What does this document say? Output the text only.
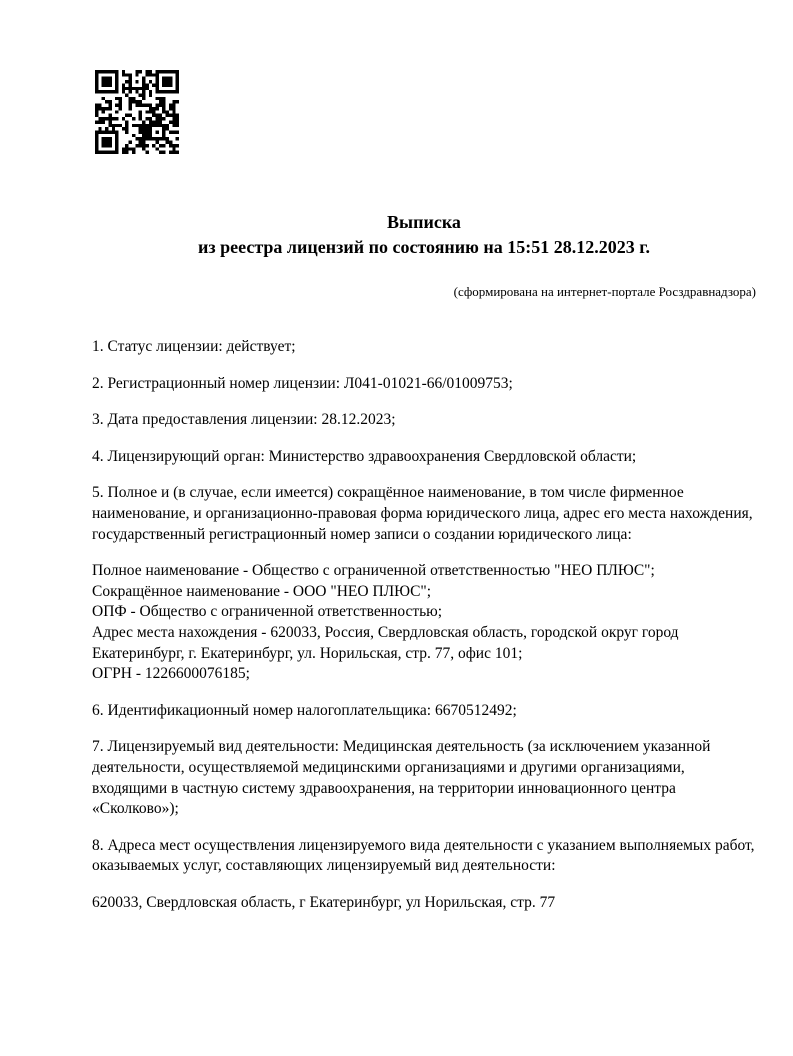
Выписка
из реестра лицензий по состоянию на 15:51 28.12.2023 г.
(сформирована на интернет-портале Росздравнадзора)
1. Статус лицензии: действует;
2. Регистрационный номер лицензии: Л041-01021-66/01009753;
3. Дата предоставления лицензии: 28.12.2023;
4. Лицензирующий орган: Министерство здравоохранения Свердловской области;
5. Полное и (в случае, если имеется) сокращённое наименование, в том числе фирменное наименование, и организационно-правовая форма юридического лица, адрес его места нахождения, государственный регистрационный номер записи о создании юридического лица:
Полное наименование - Общество с ограниченной ответственностью "НЕО ПЛЮС";
Сокращённое наименование - ООО "НЕО ПЛЮС";
ОПФ - Общество с ограниченной ответственностью;
Адрес места нахождения - 620033, Россия, Свердловская область, городской округ город Екатеринбург, г. Екатеринбург, ул. Норильская, стр. 77, офис 101;
ОГРН - 1226600076185;
6. Идентификационный номер налогоплательщика: 6670512492;
7. Лицензируемый вид деятельности: Медицинская деятельность (за исключением указанной деятельности, осуществляемой медицинскими организациями и другими организациями, входящими в частную систему здравоохранения, на территории инновационного центра «Сколково»);
8. Адреса мест осуществления лицензируемого вида деятельности с указанием выполняемых работ, оказываемых услуг, составляющих лицензируемый вид деятельности:
620033, Свердловская область, г Екатеринбург, ул Норильская, стр. 77
